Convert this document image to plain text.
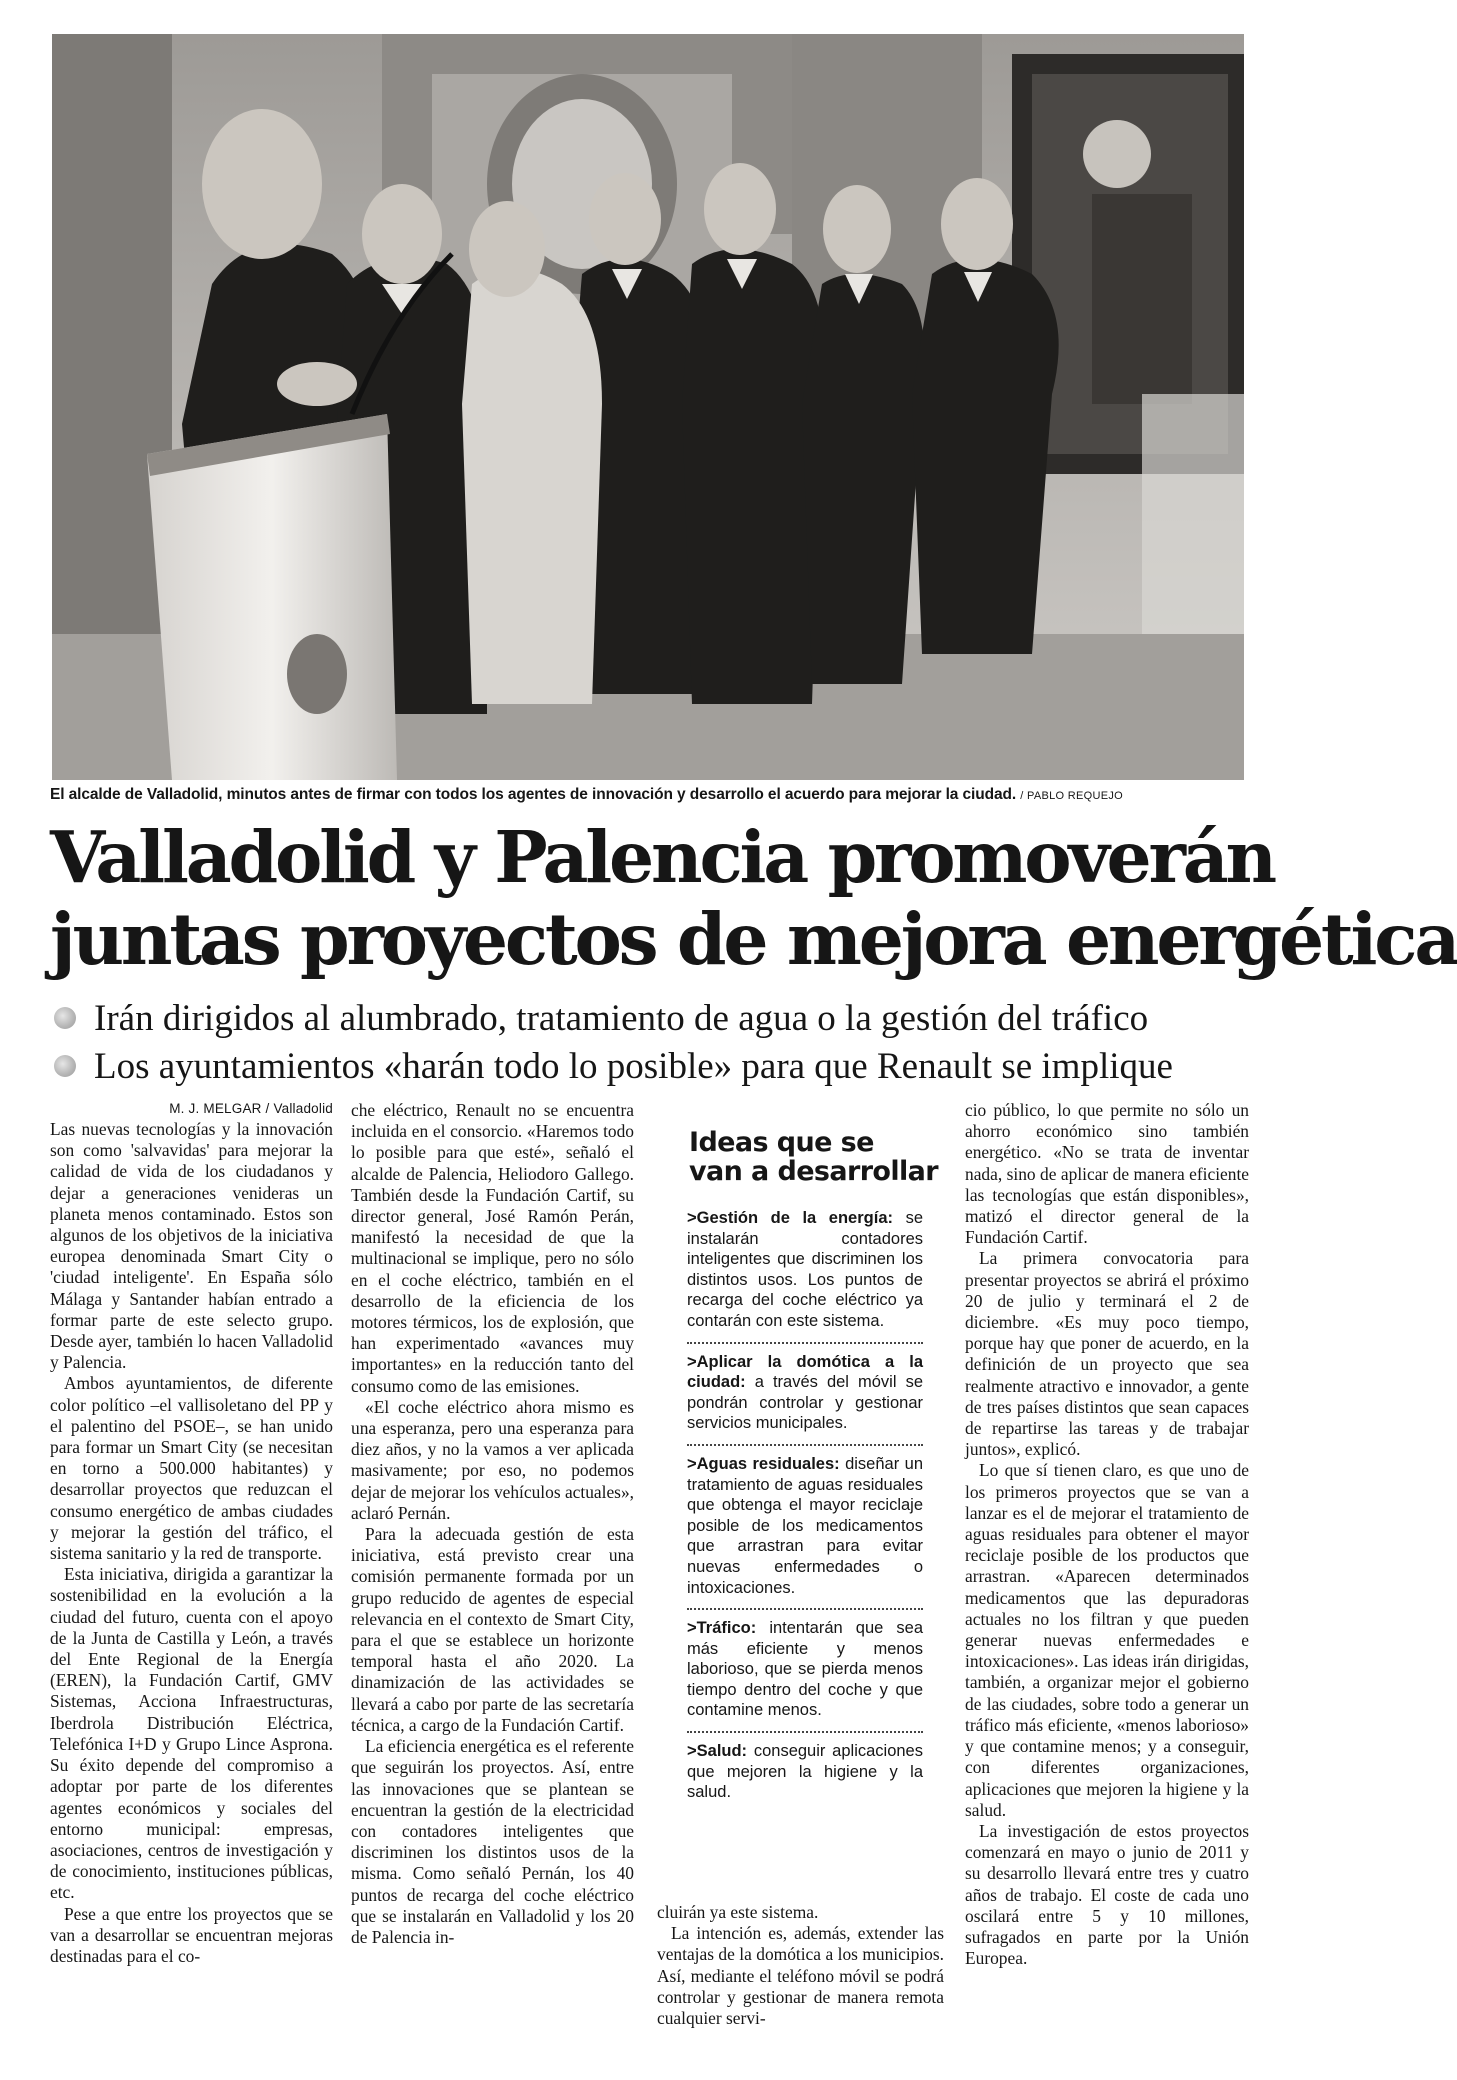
El alcalde de Valladolid, minutos antes de firmar con todos los agentes de innovación y desarrollo el acuerdo para mejorar la ciudad. / PABLO REQUEJO
Valladolid y Palencia promoverán
juntas proyectos de mejora energética
Irán dirigidos al alumbrado, tratamiento de agua o la gestión del tráfico
Los ayuntamientos «harán todo lo posible» para que Renault se implique
M. J. MELGAR / Valladolid

Las nuevas tecnologías y la innovación son como 'salvavidas' para mejorar la calidad de vida de los ciudadanos y dejar a generaciones venideras un planeta menos contaminado. Estos son algunos de los objetivos de la iniciativa europea denominada Smart City o 'ciudad inteligente'. En España sólo Málaga y Santander habían entrado a formar parte de este selecto grupo. Desde ayer, también lo hacen Valladolid y Palencia.

Ambos ayuntamientos, de diferente color político –el vallisoletano del PP y el palentino del PSOE–, se han unido para formar un Smart City (se necesitan en torno a 500.000 habitantes) y desarrollar proyectos que reduzcan el consumo energético de ambas ciudades y mejorar la gestión del tráfico, el sistema sanitario y la red de transporte.

Esta iniciativa, dirigida a garantizar la sostenibilidad en la evolución a la ciudad del futuro, cuenta con el apoyo de la Junta de Castilla y León, a través del Ente Regional de la Energía (EREN), la Fundación Cartif, GMV Sistemas, Acciona Infraestructuras, Iberdrola Distribución Eléctrica, Telefónica I+D y Grupo Lince Asprona. Su éxito depende del compromiso a adoptar por parte de los diferentes agentes económicos y sociales del entorno municipal: empresas, asociaciones, centros de investigación y de conocimiento, instituciones públicas, etc.

Pese a que entre los proyectos que se van a desarrollar se encuentran mejoras destinadas para el co-

che eléctrico, Renault no se encuentra incluida en el consorcio. «Haremos todo lo posible para que esté», señaló el alcalde de Palencia, Heliodoro Gallego. También desde la Fundación Cartif, su director general, José Ramón Perán, manifestó la necesidad de que la multinacional se implique, pero no sólo en el coche eléctrico, también en el desarrollo de la eficiencia de los motores térmicos, los de explosión, que han experimentado «avances muy importantes» en la reducción tanto del consumo como de las emisiones.

«El coche eléctrico ahora mismo es una esperanza, pero una esperanza para diez años, y no la vamos a ver aplicada masivamente; por eso, no podemos dejar de mejorar los vehículos actuales», aclaró Pernán.

Para la adecuada gestión de esta iniciativa, está previsto crear una comisión permanente formada por un grupo reducido de agentes de especial relevancia en el contexto de Smart City, para el que se establece un horizonte temporal hasta el año 2020. La dinamización de las actividades se llevará a cabo por parte de las secretaría técnica, a cargo de la Fundación Cartif.

La eficiencia energética es el referente que seguirán los proyectos. Así, entre las innovaciones que se plantean se encuentran la gestión de la electricidad con contadores inteligentes que discriminen los distintos usos de la misma. Como señaló Pernán, los 40 puntos de recarga del coche eléctrico que se instalarán en Valladolid y los 20 de Palencia in-

Ideas que se
van a desarrollar
>Gestión de la energía: se instalarán contadores inteligentes que discriminen los distintos usos. Los puntos de recarga del coche eléctrico ya contarán con este sistema.
>Aplicar la domótica a la ciudad: a través del móvil se pondrán controlar y gestionar servicios municipales.
>Aguas residuales: diseñar un tratamiento de aguas residuales que obtenga el mayor reciclaje posible de los medicamentos que arrastran para evitar nuevas enfermedades o intoxicaciones.
>Tráfico: intentarán que sea más eficiente y menos laborioso, que se pierda menos tiempo dentro del coche y que contamine menos.
>Salud: conseguir aplicaciones que mejoren la higiene y la salud.

cluirán ya este sistema.

La intención es, además, extender las ventajas de la domótica a los municipios. Así, mediante el teléfono móvil se podrá controlar y gestionar de manera remota cualquier servi-

cio público, lo que permite no sólo un ahorro económico sino también energético. «No se trata de inventar nada, sino de aplicar de manera eficiente las tecnologías que están disponibles», matizó el director general de la Fundación Cartif.

La primera convocatoria para presentar proyectos se abrirá el próximo 20 de julio y terminará el 2 de diciembre. «Es muy poco tiempo, porque hay que poner de acuerdo, en la definición de un proyecto que sea realmente atractivo e innovador, a gente de tres países distintos que sean capaces de repartirse las tareas y de trabajar juntos», explicó.

Lo que sí tienen claro, es que uno de los primeros proyectos que se van a lanzar es el de mejorar el tratamiento de aguas residuales para obtener el mayor reciclaje posible de los productos que arrastran. «Aparecen determinados medicamentos que las depuradoras actuales no los filtran y que pueden generar nuevas enfermedades e intoxicaciones». Las ideas irán dirigidas, también, a organizar mejor el gobierno de las ciudades, sobre todo a generar un tráfico más eficiente, «menos laborioso» y que contamine menos; y a conseguir, con diferentes organizaciones, aplicaciones que mejoren la higiene y la salud.

La investigación de estos proyectos comenzará en mayo o junio de 2011 y su desarrollo llevará entre tres y cuatro años de trabajo. El coste de cada uno oscilará entre 5 y 10 millones, sufragados en parte por la Unión Europea.
